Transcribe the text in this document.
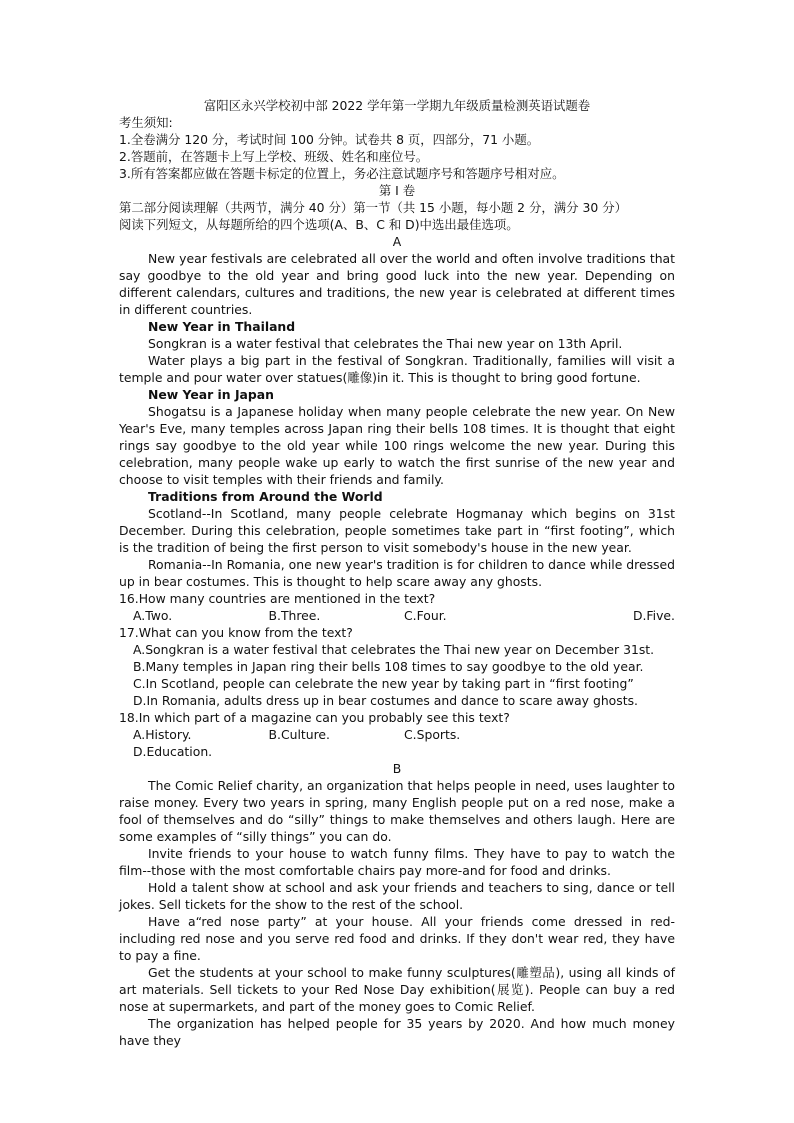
富阳区永兴学校初中部 2022 学年第一学期九年级质量检测英语试题卷

考生须知:

1.全卷满分 120 分，考试时间 100 分钟。试卷共 8 页，四部分，71 小题。

2.答题前，在答题卡上写上学校、班级、姓名和座位号。

3.所有答案都应做在答题卡标定的位置上，务必注意试题序号和答题序号相对应。

第 I 卷

第二部分阅读理解（共两节，满分 40 分）第一节（共 15 小题，每小题 2 分，满分 30 分）

阅读下列短文，从每题所给的四个选项(A、B、C 和 D)中选出最佳选项。

A

New year festivals are celebrated all over the world and often involve traditions that say goodbye to the old year and bring good luck into the new year. Depending on different calendars, cultures and traditions, the new year is celebrated at different times in different countries.

New Year in Thailand

Songkran is a water festival that celebrates the Thai new year on 13th April.

Water plays a big part in the festival of Songkran. Traditionally, families will visit a temple and pour water over statues(雕像)in it. This is thought to bring good fortune.

New Year in Japan

Shogatsu is a Japanese holiday when many people celebrate the new year. On New Year's Eve, many temples across Japan ring their bells 108 times. It is thought that eight rings say goodbye to the old year while 100 rings welcome the new year. During this celebration, many people wake up early to watch the first sunrise of the new year and choose to visit temples with their friends and family.

Traditions from Around the World

Scotland--In Scotland, many people celebrate Hogmanay which begins on 31st December. During this celebration, people sometimes take part in “first footing”, which is the tradition of being the first person to visit somebody's house in the new year.

Romania--In Romania, one new year's tradition is for children to dance while dressed up in bear costumes. This is thought to help scare away any ghosts.

16.How many countries are mentioned in the text?

A.Two.	B.Three.	C.Four.	D.Five.

17.What can you know from the text?

A.Songkran is a water festival that celebrates the Thai new year on December 31st.

B.Many temples in Japan ring their bells 108 times to say goodbye to the old year.

C.In Scotland, people can celebrate the new year by taking part in “first footing”

D.In Romania, adults dress up in bear costumes and dance to scare away ghosts.

18.In which part of a magazine can you probably see this text?

A.History.	B.Culture.	C.Sports.

D.Education.

B

The Comic Relief charity, an organization that helps people in need, uses laughter to raise money. Every two years in spring, many English people put on a red nose, make a fool of themselves and do “silly” things to make themselves and others laugh. Here are some examples of “silly things” you can do.

Invite friends to your house to watch funny films. They have to pay to watch the film--those with the most comfortable chairs pay more-and for food and drinks.

Hold a talent show at school and ask your friends and teachers to sing, dance or tell jokes. Sell tickets for the show to the rest of the school.

Have a“red nose party” at your house. All your friends come dressed in red-including red nose and you serve red food and drinks. If they don't wear red, they have to pay a fine.

Get the students at your school to make funny sculptures(雕塑品), using all kinds of art materials. Sell tickets to your Red Nose Day exhibition(展览). People can buy a red nose at supermarkets, and part of the money goes to Comic Relief.

The organization has helped people for 35 years by 2020. And how much money have they
